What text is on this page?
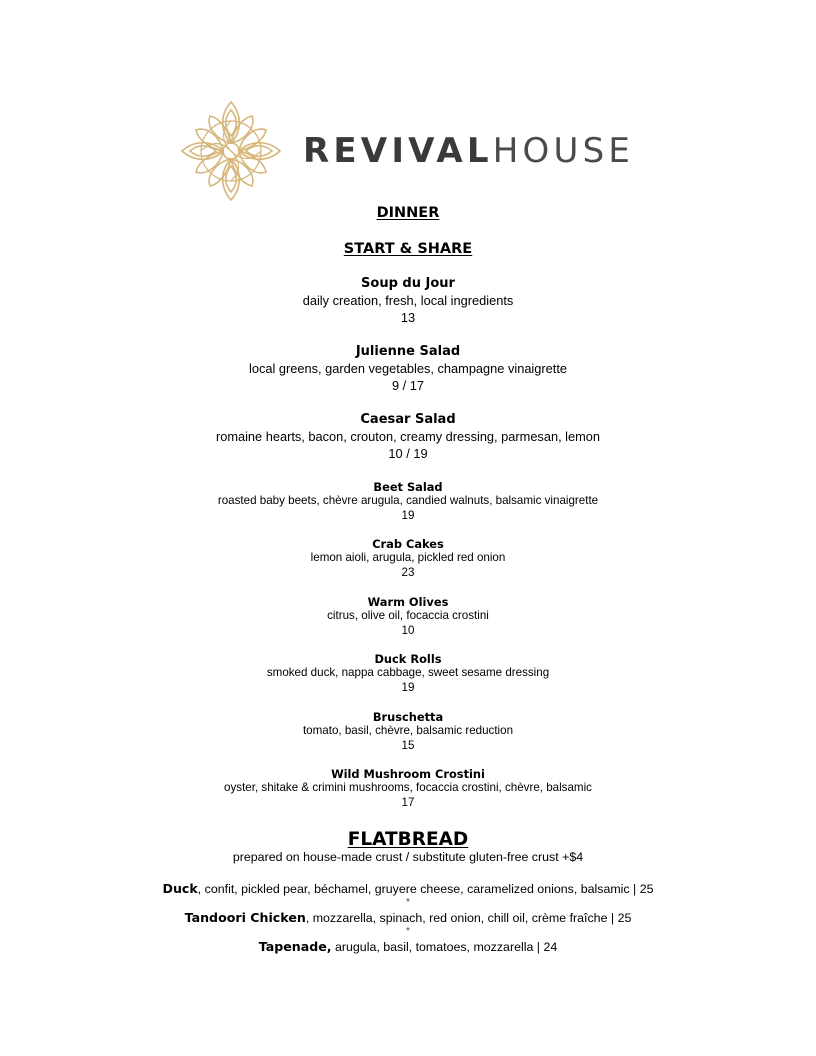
REVIVALHOUSE
DINNER
START & SHARE
Soup du Jour
daily creation, fresh, local ingredients
13
Julienne Salad
local greens, garden vegetables, champagne vinaigrette
9 / 17
Caesar Salad
romaine hearts, bacon, crouton, creamy dressing, parmesan, lemon
10 / 19
Beet Salad
roasted baby beets, chèvre arugula, candied walnuts, balsamic vinaigrette
19
Crab Cakes
lemon aioli, arugula, pickled red onion
23
Warm Olives
citrus, olive oil, focaccia crostini
10
Duck Rolls
smoked duck, nappa cabbage, sweet sesame dressing
19
Bruschetta
tomato, basil, chèvre, balsamic reduction
15
Wild Mushroom Crostini
oyster, shitake & crimini mushrooms, focaccia crostini, chèvre, balsamic
17
FLATBREAD
prepared on house-made crust / substitute gluten-free crust +$4
Duck, confit, pickled pear, béchamel, gruyere cheese, caramelized onions, balsamic | 25
*
Tandoori Chicken, mozzarella, spinach, red onion, chill oil, crème fraîche | 25
*
Tapenade, arugula, basil, tomatoes, mozzarella | 24
